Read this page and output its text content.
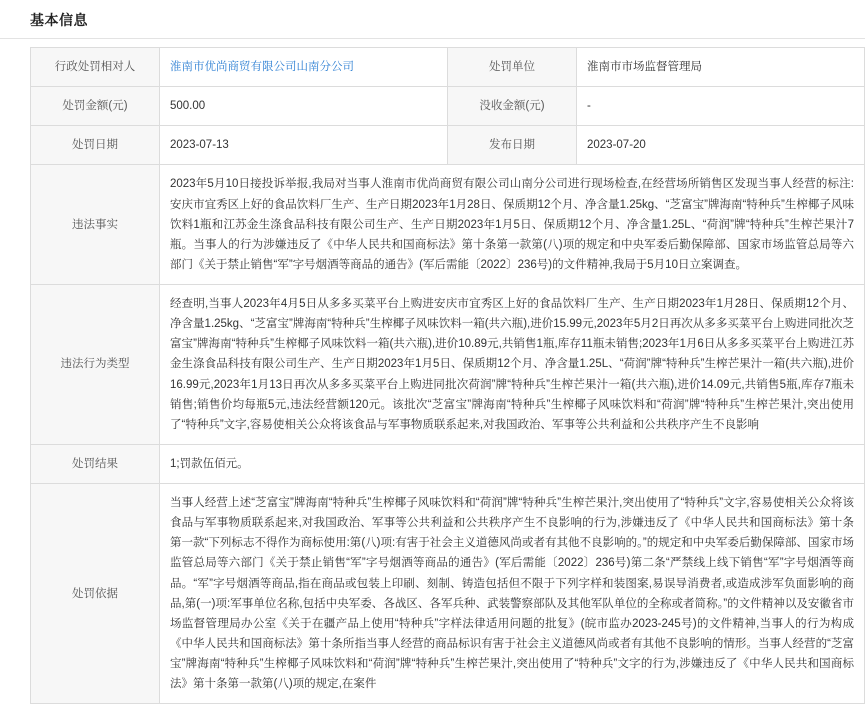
基本信息
行政处罚相对人	淮南市优尚商贸有限公司山南分公司	处罚单位	淮南市市场监督管理局
处罚金额(元)	500.00	没收金额(元)	-
处罚日期	2023-07-13	发布日期	2023-07-20
违法事实	2023年5月10日接投诉举报,我局对当事人淮南市优尚商贸有限公司山南分公司进行现场检查,在经营场所销售区发现当事人经营的标注:安庆市宜秀区上好的食品饮料厂生产、生产日期2023年1月28日、保质期12个月、净含量1.25kg、“芝富宝”牌海南“特种兵”生榨椰子风味饮料1瓶和江苏金生涤食品科技有限公司生产、生产日期2023年1月5日、保质期12个月、净含量1.25L、“荷润”牌“特种兵”生榨芒果汁7瓶。当事人的行为涉嫌违反了《中华人民共和国商标法》第十条第一款第(八)项的规定和中央军委后勤保障部、国家市场监管总局等六部门《关于禁止销售“军”字号烟酒等商品的通告》(军后需能〔2022〕236号)的文件精神,我局于5月10日立案调查。		
违法行为类型	经查明,当事人2023年4月5日从多多买菜平台上购进安庆市宜秀区上好的食品饮料厂生产、生产日期2023年1月28日、保质期12个月、净含量1.25kg、“芝富宝”牌海南“特种兵”生榨椰子风味饮料一箱(共六瓶),进价15.99元,2023年5月2日再次从多多买菜平台上购进同批次芝富宝”牌海南“特种兵”生榨椰子风味饮料一箱(共六瓶),进价10.89元,共销售1瓶,库存11瓶未销售;2023年1月6日从多多买菜平台上购进江苏金生涤食品科技有限公司生产、生产日期2023年1月5日、保质期12个月、净含量1.25L、“荷润”牌“特种兵”生榨芒果汁一箱(共六瓶),进价16.99元,2023年1月13日再次从多多买菜平台上购进同批次荷润”牌“特种兵”生榨芒果汁一箱(共六瓶),进价14.09元,共销售5瓶,库存7瓶未销售;销售价均每瓶5元,违法经营额120元。该批次“芝富宝”牌海南“特种兵”生榨椰子风味饮料和“荷润”牌“特种兵”生榨芒果汁,突出使用了“特种兵”文字,容易使相关公众将该食品与军事物质联系起来,对我国政治、军事等公共利益和公共秩序产生不良影响		
处罚结果	1;罚款伍佰元。		
处罚依据	当事人经营上述“芝富宝”牌海南“特种兵”生榨椰子风味饮料和“荷润”牌“特种兵”生榨芒果汁,突出使用了“特种兵”文字,容易使相关公众将该食品与军事物质联系起来,对我国政治、军事等公共利益和公共秩序产生不良影响的行为,涉嫌违反了《中华人民共和国商标法》第十条第一款“下列标志不得作为商标使用:第(八)项:有害于社会主义道德风尚或者有其他不良影响的。”的规定和中央军委后勤保障部、国家市场监管总局等六部门《关于禁止销售“军”字号烟酒等商品的通告》(军后需能〔2022〕236号)第二条“严禁线上线下销售“军”字号烟酒等商品。“军”字号烟酒等商品,指在商品或包装上印刷、刻制、铸造包括但不限于下列字样和装图案,易误导消费者,或造成涉军负面影响的商品,第(一)项:军事单位名称,包括中央军委、各战区、各军兵种、武装警察部队及其他军队单位的全称或者简称。”的文件精神以及安徽省市场监督管理局办公室《关于在疆产品上使用“特种兵”字样法律适用问题的批复》(皖市监办2023-245号)的文件精神,当事人的行为构成《中华人民共和国商标法》第十条所指当事人经营的商品标识有害于社会主义道德风尚或者有其他不良影响的情形。当事人经营的“芝富宝”牌海南“特种兵”生榨椰子风味饮料和“荷润”牌“特种兵”生榨芒果汁,突出使用了“特种兵”文字的行为,涉嫌违反了《中华人民共和国商标法》第十条第一款第(八)项的规定,在案件		
